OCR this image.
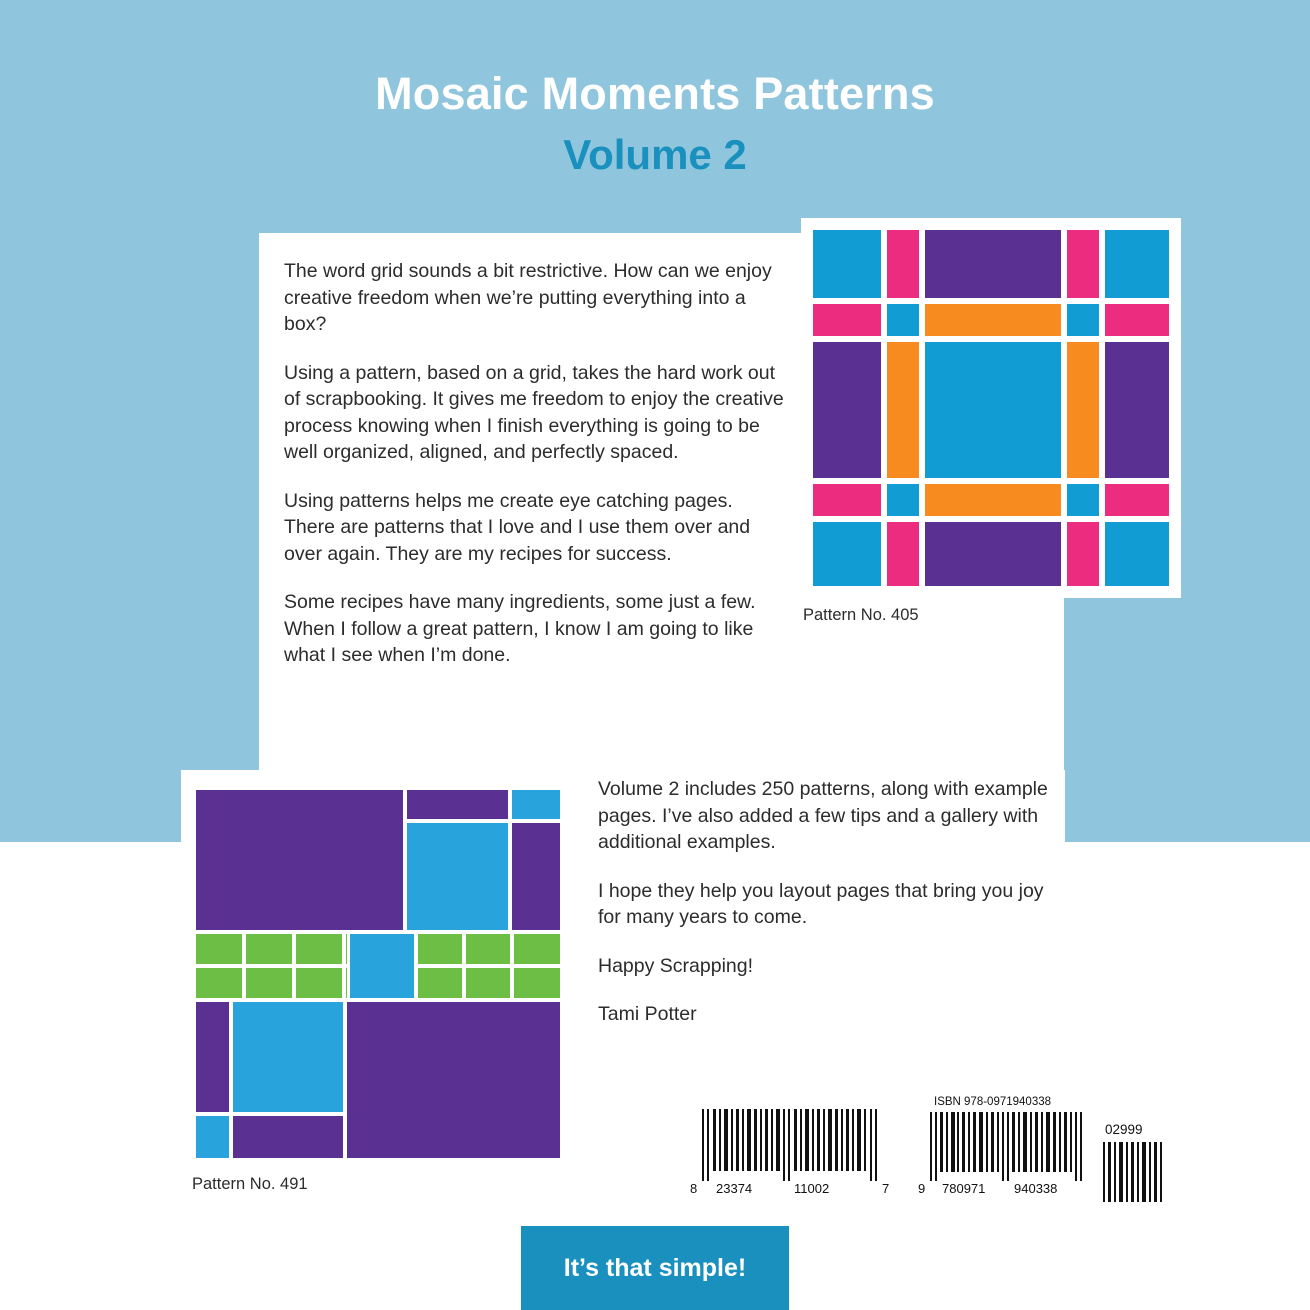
Mosaic Moments Patterns
Volume 2

The word grid sounds a bit restrictive. How can we enjoy creative freedom when we’re putting everything into a box?

Using a pattern, based on a grid, takes the hard work out of scrapbooking. It gives me freedom to enjoy the creative process knowing when I finish everything is going to be well organized, aligned, and perfectly spaced.

Using patterns helps me create eye catching pages. There are patterns that I love and I use them over and over again. They are my recipes for success.

Some recipes have many ingredients, some just a few. When I follow a great pattern, I know I am going to like what I see when I’m done.

Volume 2 includes 250 patterns, along with example pages. I’ve also added a few tips and a gallery with additional examples.

I hope they help you layout pages that bring you joy for many years to come.

Happy Scrapping!

Tami Potter

Pattern No. 405
Pattern No. 491	8 23374	11002	7
ISBN 978-0971940338
9 780971 940338
02999
It’s that simple!
